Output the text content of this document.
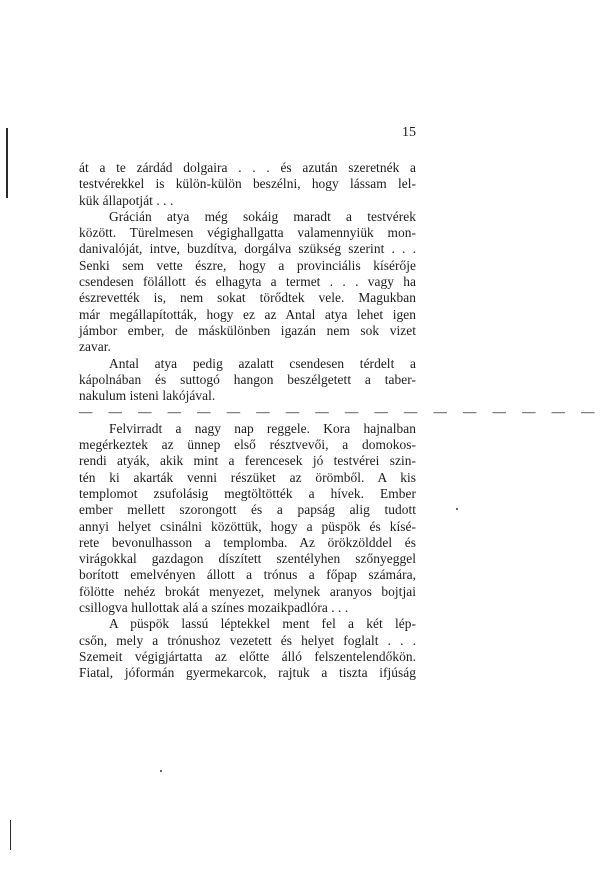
15
át a te zárdád dolgaira . . . és azután szeretnék a
testvérekkel is külön-külön beszélni, hogy lássam lel-
kük állapotját . . .
Grácián atya még sokáig maradt a testvérek
között. Türelmesen végighallgatta valamennyiük mon-
danivalóját, intve, buzdítva, dorgálva szükség szerint . . .
Senki sem vette észre, hogy a provinciális kísérője
csendesen fölállott és elhagyta a termet . . . vagy ha
észrevették is, nem sokat törődtek vele. Magukban
már megállapították, hogy ez az Antal atya lehet igen
jámbor ember, de máskülönben igazán nem sok vizet
zavar.
Antal atya pedig azalatt csendesen térdelt a
kápolnában és suttogó hangon beszélgetett a taber-
nakulum isteni lakójával.
— — — — — — — — — — — — — — — — — —
Felvirradt a nagy nap reggele. Kora hajnalban
megérkeztek az ünnep első résztvevői, a domokos-
rendi atyák, akik mint a ferencesek jó testvérei szin-
tén ki akarták venni részüket az örömből. A kis
templomot zsufolásig megtöltötték a hívek. Ember
ember mellett szorongott és a papság alig tudott
annyi helyet csinálni közöttük, hogy a püspök és kísé-
rete bevonulhasson a templomba. Az örökzölddel és
virágokkal gazdagon díszített szentélyhen szőnyeggel
borított emelvényen állott a trónus a főpap számára,
fölötte nehéz brokát menyezet, melynek aranyos bojtjai
csillogva hullottak alá a színes mozaikpadlóra . . .
A püspök lassú léptekkel ment fel a két lép-
csőn, mely a trónushoz vezetett és helyet foglalt . . .
Szemeit végigjártatta az előtte álló felszentelendőkön.
Fiatal, jóformán gyermekarcok, rajtuk a tiszta ifjúság
